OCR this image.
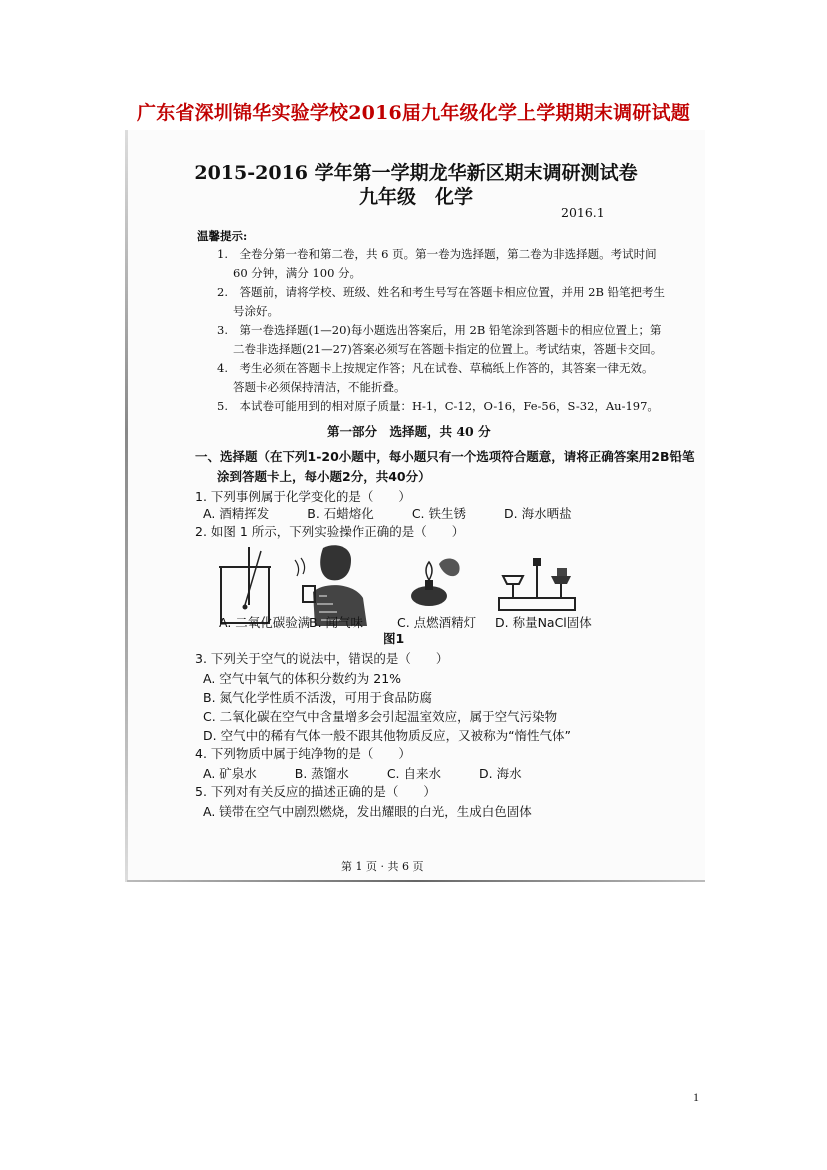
广东省深圳锦华实验学校2016届九年级化学上学期期末调研试题
2015-2016 学年第一学期龙华新区期末调研测试卷
九年级　化学
2016.1
温馨提示:
1.　全卷分第一卷和第二卷，共 6 页。第一卷为选择题，第二卷为非选择题。考试时间
60 分钟，满分 100 分。
2.　答题前，请将学校、班级、姓名和考生号写在答题卡相应位置，并用 2B 铅笔把考生
号涂好。
3.　第一卷选择题(1—20)每小题选出答案后，用 2B 铅笔涂到答题卡的相应位置上；第
二卷非选择题(21—27)答案必须写在答题卡指定的位置上。考试结束，答题卡交回。
4.　考生必须在答题卡上按规定作答；凡在试卷、草稿纸上作答的，其答案一律无效。
答题卡必须保持清洁，不能折叠。
5.　本试卷可能用到的相对原子质量：H-1，C-12，O-16，Fe-56，S-32，Au-197。
第一部分　选择题，共 40 分
一、选择题（在下列1-20小题中，每小题只有一个选项符合题意，请将正确答案用2B铅笔
涂到答题卡上，每小题2分，共40分）
1. 下列事例属于化学变化的是（　　）
A. 酒精挥发	B. 石蜡熔化	C. 铁生锈	D. 海水晒盐
2. 如图 1 所示，下列实验操作正确的是（　　）
A. 二氧化碳验满
B. 闻气味	C. 点燃酒精灯 D. 称量NaCl固体
图1
3. 下列关于空气的说法中，错误的是（　　）
A. 空气中氧气的体积分数约为 21%
B. 氮气化学性质不活泼，可用于食品防腐
C. 二氧化碳在空气中含量增多会引起温室效应，属于空气污染物
D. 空气中的稀有气体一般不跟其他物质反应，又被称为“惰性气体”
4. 下列物质中属于纯净物的是（　　）
A. 矿泉水	B. 蒸馏水	C. 自来水	D. 海水
5. 下列对有关反应的描述正确的是（　　）
A. 镁带在空气中剧烈燃烧，发出耀眼的白光，生成白色固体
第 1 页 · 共 6 页
1
